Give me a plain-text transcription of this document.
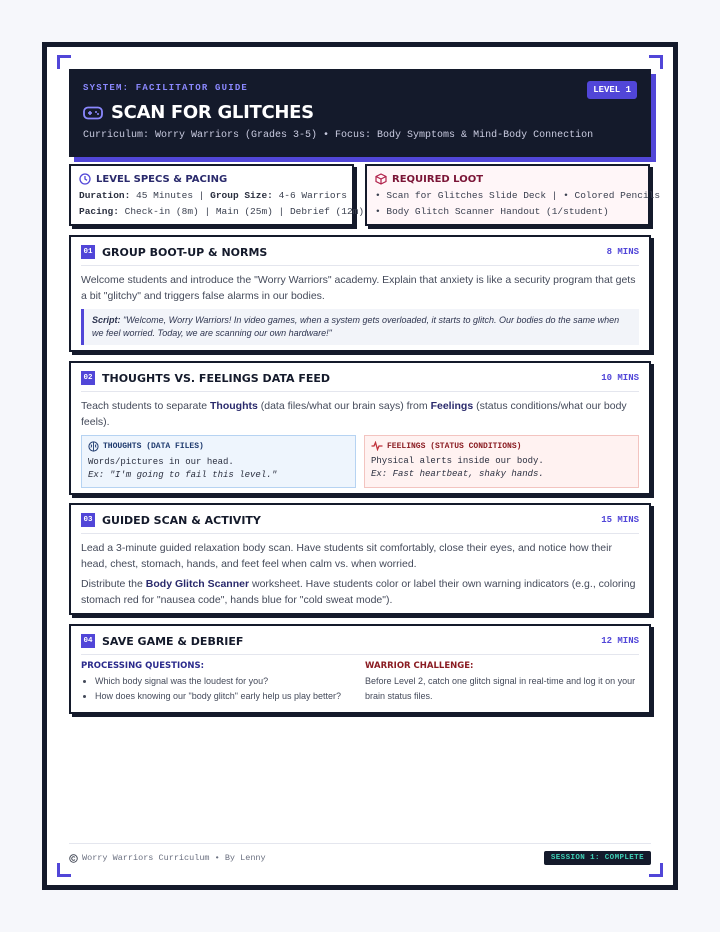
SYSTEM: FACILITATOR GUIDE	LEVEL 1
SCAN FOR GLITCHES
Curriculum: Worry Warriors (Grades 3-5) • Focus: Body Symptoms & Mind-Body Connection
LEVEL SPECS & PACING
Duration: 45 Minutes | Group Size: 4-6 Warriors
Pacing: Check-in (8m) | Main (25m) | Debrief (12m)
REQUIRED LOOT
• Scan for Glitches Slide Deck | • Colored Pencils
• Body Glitch Scanner Handout (1/student)
01 GROUP BOOT-UP & NORMS	8 MINS
Welcome students and introduce the "Worry Warriors" academy. Explain that anxiety is like a security program that gets a bit "glitchy" and triggers false alarms in our bodies.
Script: "Welcome, Worry Warriors! In video games, when a system gets overloaded, it starts to glitch. Our bodies do the same when we feel worried. Today, we are scanning our own hardware!"
02 THOUGHTS VS. FEELINGS DATA FEED	10 MINS
Teach students to separate Thoughts (data files/what our brain says) from Feelings (status conditions/what our body feels).
THOUGHTS (DATA FILES)
Words/pictures in our head.
Ex: "I'm going to fail this level."
FEELINGS (STATUS CONDITIONS)
Physical alerts inside our body.
Ex: Fast heartbeat, shaky hands.
03 GUIDED SCAN & ACTIVITY	15 MINS
Lead a 3-minute guided relaxation body scan. Have students sit comfortably, close their eyes, and notice how their head, chest, stomach, hands, and feet feel when calm vs. when worried.
Distribute the Body Glitch Scanner worksheet. Have students color or label their own warning indicators (e.g., coloring stomach red for "nausea code", hands blue for "cold sweat mode").
04 SAVE GAME & DEBRIEF	12 MINS
PROCESSING QUESTIONS:
• Which body signal was the loudest for you?
• How does knowing our "body glitch" early help us play better?
WARRIOR CHALLENGE:

Before Level 2, catch one glitch signal in real-time and log it on your brain status files.

Worry Warriors Curriculum • By Lenny	SESSION 1: COMPLETE
